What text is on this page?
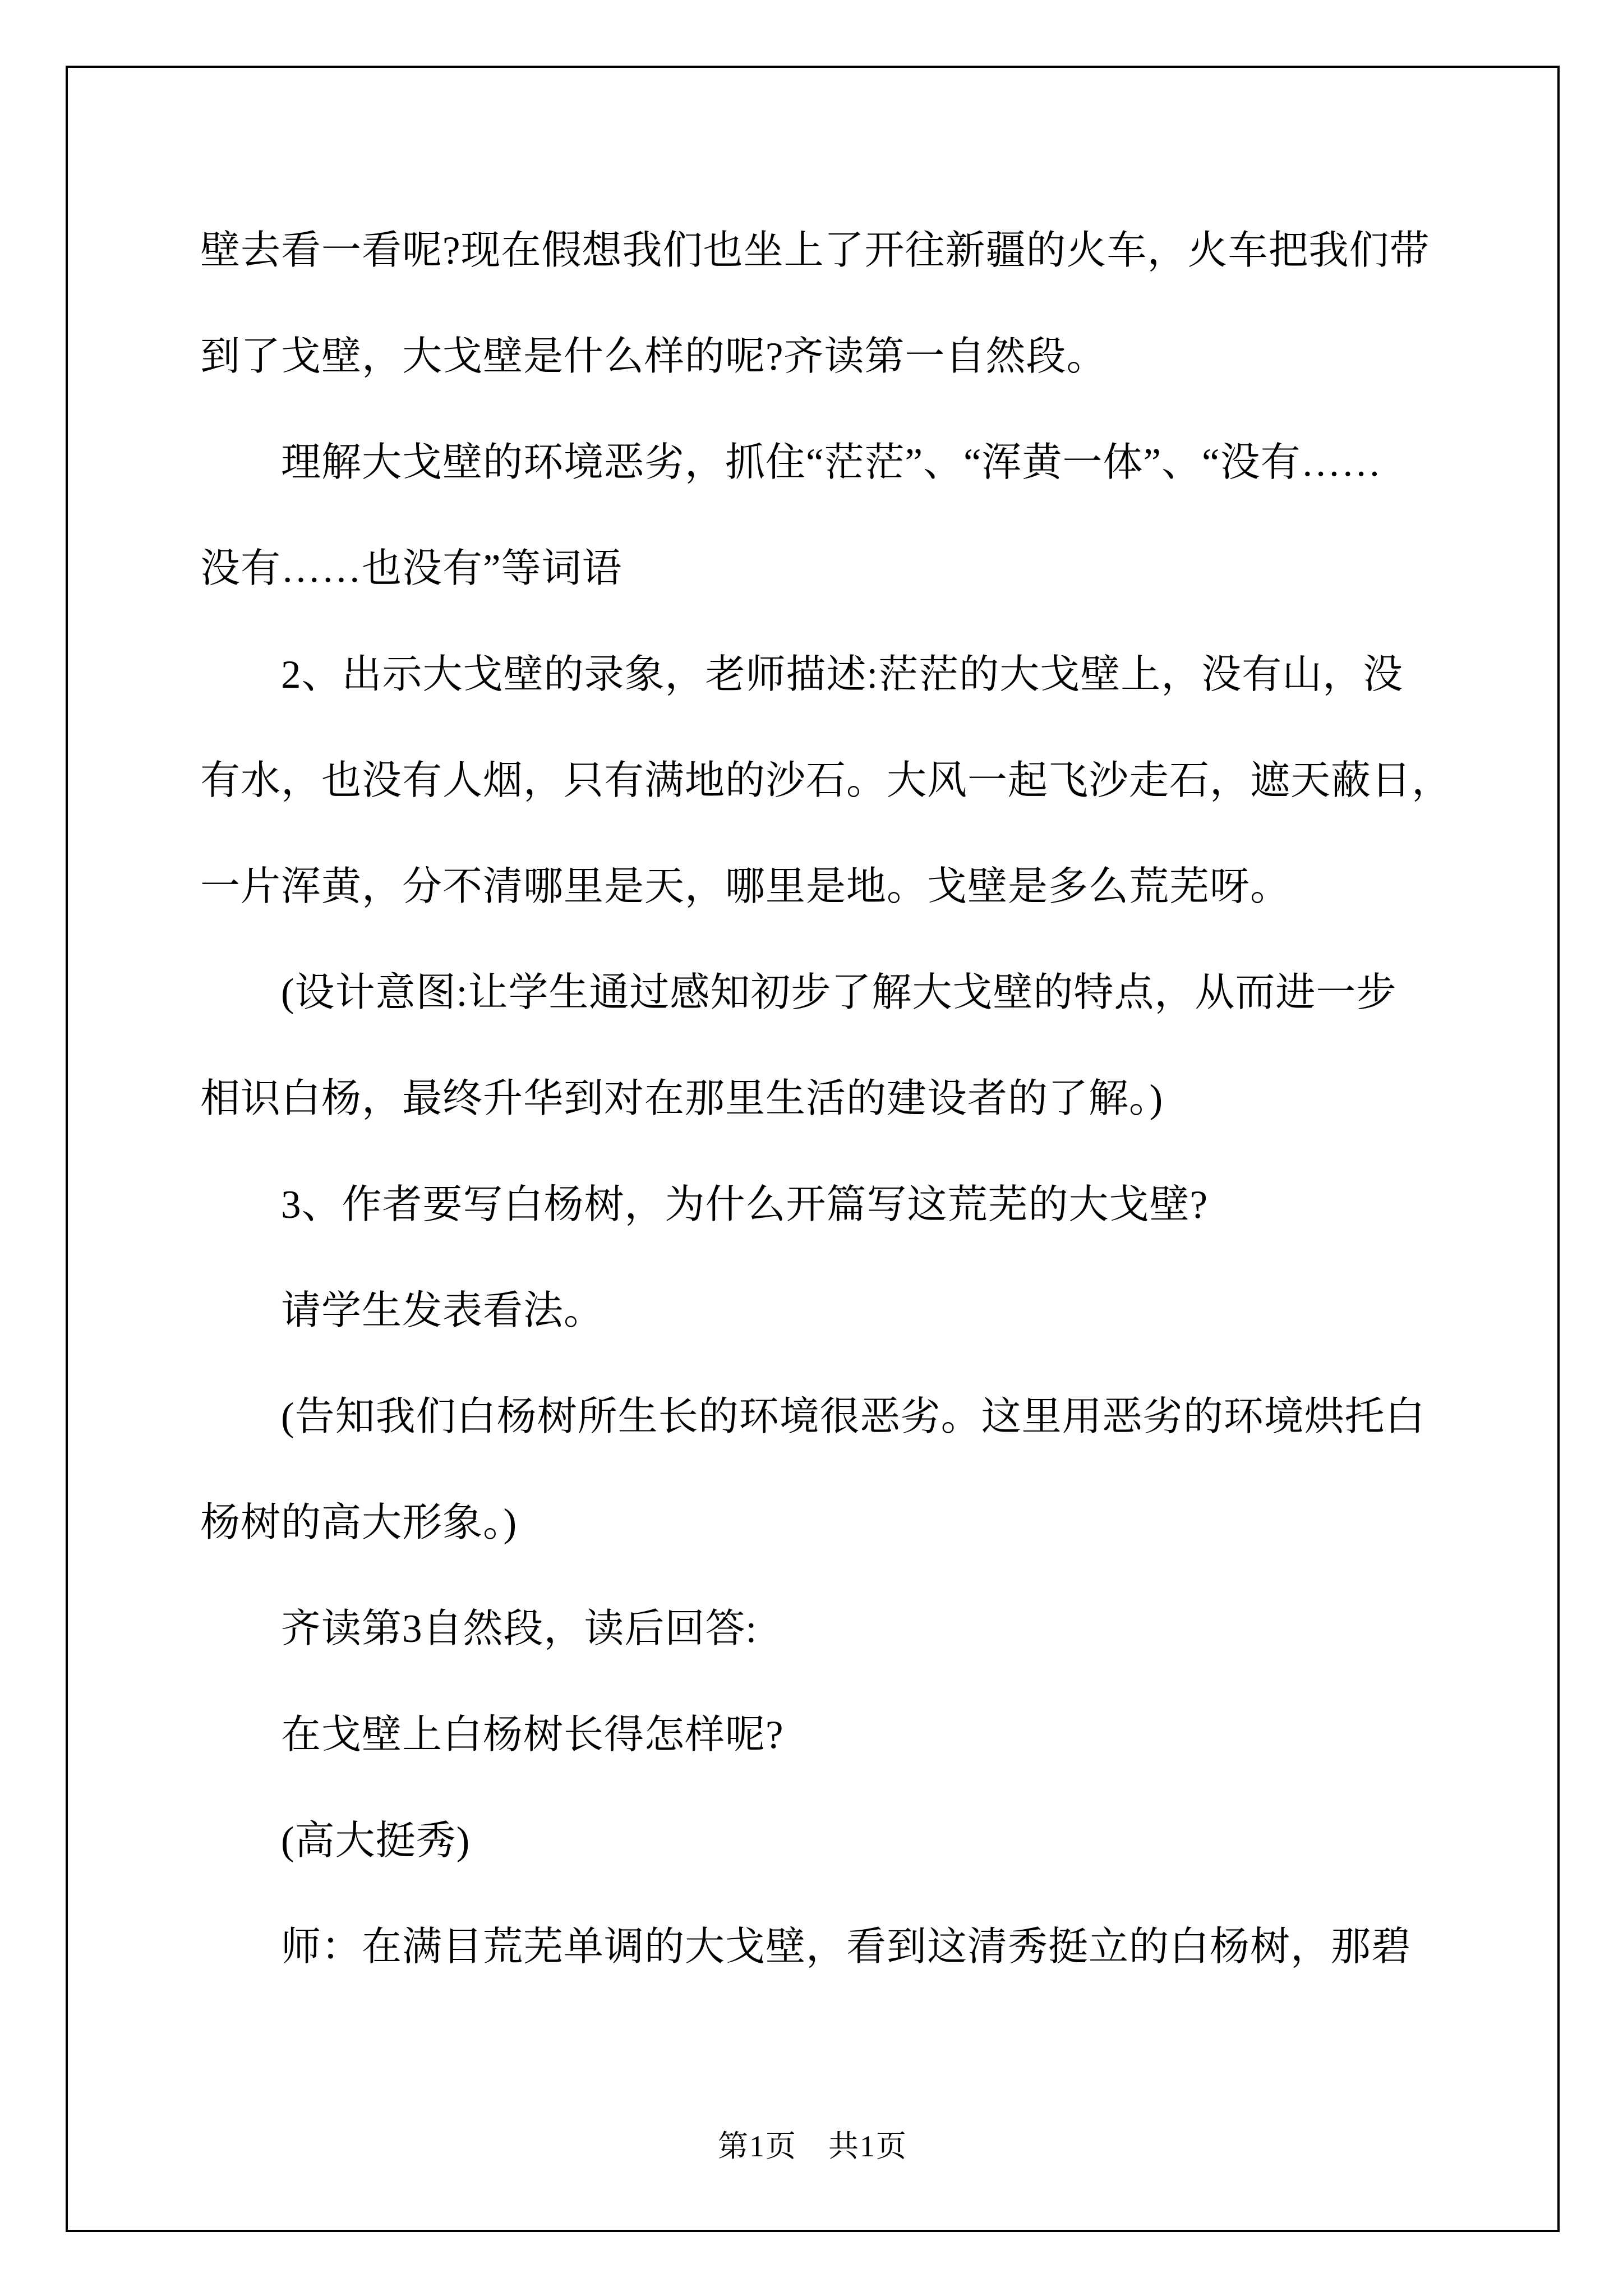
壁去看一看呢?现在假想我们也坐上了开往新疆的火车，火车把我们带
到了戈壁，大戈壁是什么样的呢?齐读第一自然段。
理解大戈壁的环境恶劣，抓住“茫茫”、“浑黄一体”、“没有……
没有……也没有”等词语
2、出示大戈壁的录象，老师描述:茫茫的大戈壁上，没有山，没
有水，也没有人烟，只有满地的沙石。大风一起飞沙走石，遮天蔽日，
一片浑黄，分不清哪里是天，哪里是地。戈壁是多么荒芜呀。
(设计意图:让学生通过感知初步了解大戈壁的特点，从而进一步
相识白杨，最终升华到对在那里生活的建设者的了解。)
3、作者要写白杨树，为什么开篇写这荒芜的大戈壁?
请学生发表看法。
(告知我们白杨树所生长的环境很恶劣。这里用恶劣的环境烘托白
杨树的高大形象。)
齐读第3自然段，读后回答:
在戈壁上白杨树长得怎样呢?
(高大挺秀)
师：在满目荒芜单调的大戈壁，看到这清秀挺立的白杨树，那碧
第1页　共1页
